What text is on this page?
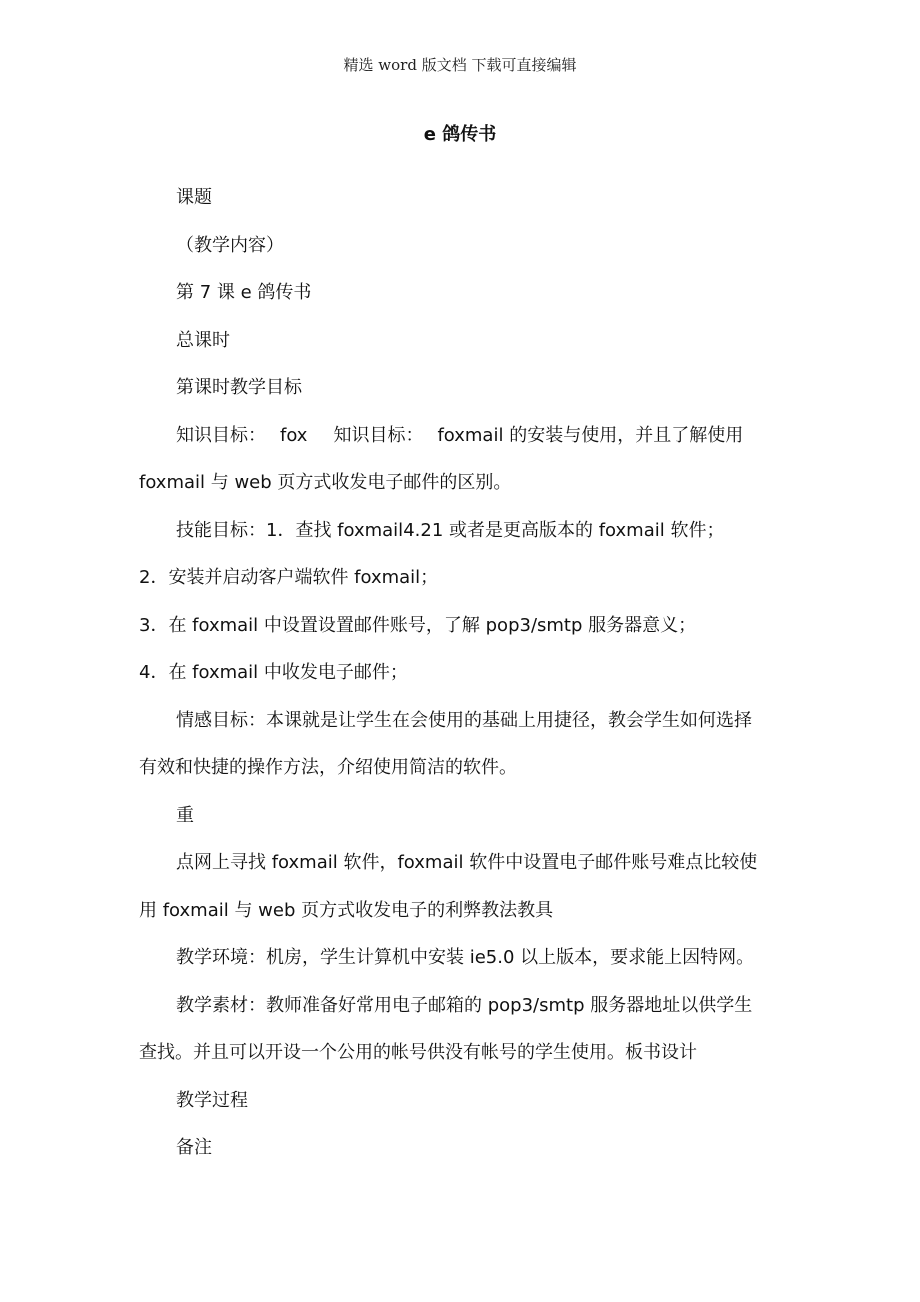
精选 word 版文档 下载可直接编辑
e 鸽传书

课题

（教学内容）

第 7 课 e 鸽传书

总课时

第课时教学目标

知识目标： fox 知识目标： foxmail 的安装与使用，并且了解使用

foxmail 与 web 页方式收发电子邮件的区别。

技能目标：1．查找 foxmail4.21 或者是更高版本的 foxmail 软件；

2．安装并启动客户端软件 foxmail；

3．在 foxmail 中设置设置邮件账号，了解 pop3/smtp 服务器意义；

4．在 foxmail 中收发电子邮件；

情感目标：本课就是让学生在会使用的基础上用捷径，教会学生如何选择

有效和快捷的操作方法，介绍使用简洁的软件。

重

点网上寻找 foxmail 软件，foxmail 软件中设置电子邮件账号难点比较使

用 foxmail 与 web 页方式收发电子的利弊教法教具

教学环境：机房，学生计算机中安装 ie5.0 以上版本，要求能上因特网。

教学素材：教师准备好常用电子邮箱的 pop3/smtp 服务器地址以供学生

查找。并且可以开设一个公用的帐号供没有帐号的学生使用。板书设计

教学过程

备注
